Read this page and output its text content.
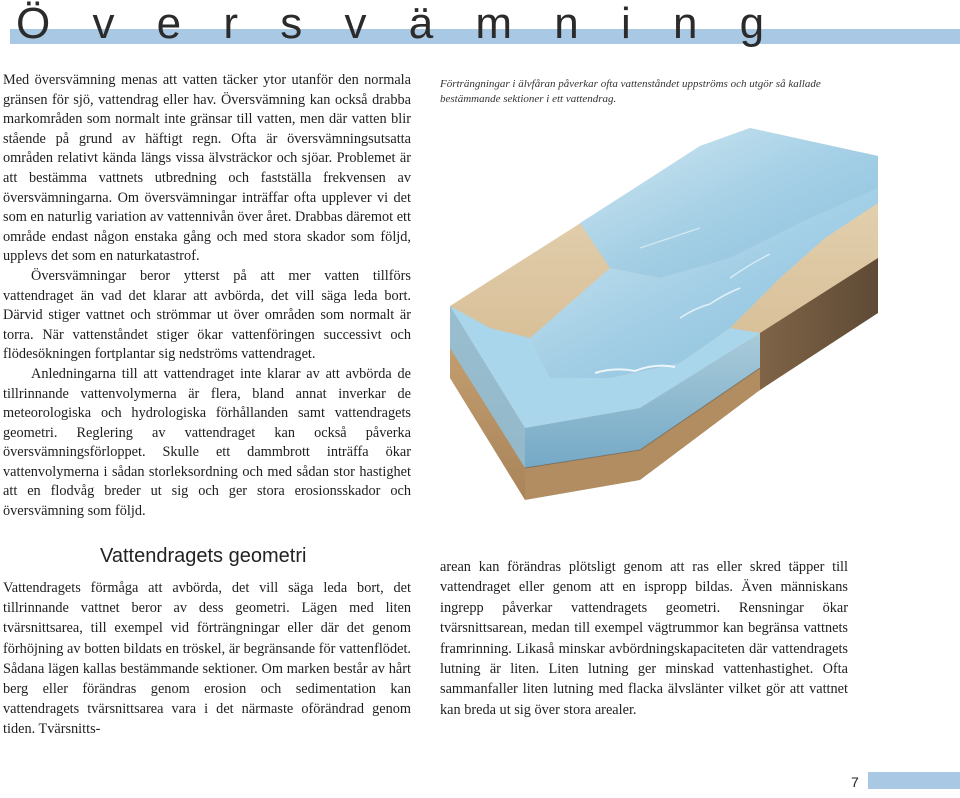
Ö v e r s v ä m n i n g

Med översvämning menas att vatten täcker ytor utanför den normala gränsen för sjö, vattendrag eller hav. Översvämning kan också drabba markområden som normalt inte gränsar till vatten, men där vatten blir stående på grund av häftigt regn. Ofta är översvämningsutsatta områden relativt kända längs vissa älvsträckor och sjöar. Problemet är att bestämma vattnets utbredning och fastställa frekvensen av översvämningarna. Om översvämningar inträffar ofta upplever vi det som en naturlig variation av vattennivån över året. Drabbas däremot ett område endast någon enstaka gång och med stora skador som följd, upplevs det som en naturkatastrof.

Översvämningar beror ytterst på att mer vatten tillförs vattendraget än vad det klarar att avbörda, det vill säga leda bort. Därvid stiger vattnet och strömmar ut över områden som normalt är torra. När vattenståndet stiger ökar vattenföringen successivt och flödesökningen fortplantar sig nedströms vattendraget.

Anledningarna till att vattendraget inte klarar av att avbörda de tillrinnande vattenvolymerna är flera, bland annat inverkar de meteorologiska och hydrologiska förhållanden samt vattendragets geometri. Reglering av vattendraget kan också påverka översvämningsförloppet. Skulle ett dammbrott inträffa ökar vattenvolymerna i sådan storleksordning och med sådan stor hastighet att en flodvåg breder ut sig och ger stora erosionsskador och översvämning som följd.

Förträngningar i älvfåran påverkar ofta vattenståndet uppströms och utgör så kallade bestämmande sektioner i ett vattendrag.

Vattendragets geometri

Vattendragets förmåga att avbörda, det vill säga leda bort, det tillrinnande vattnet beror av dess geometri. Lägen med liten tvärsnittsarea, till exempel vid förträngningar eller där det genom förhöjning av botten bildats en tröskel, är begränsande för vattenflödet. Sådana lägen kallas bestämmande sektioner. Om marken består av hårt berg eller förändras genom erosion och sedimentation kan vattendragets tvärsnittsarea vara i det närmaste oförändrad genom tiden. Tvärsnitts-

arean kan förändras plötsligt genom att ras eller skred täpper till vattendraget eller genom att en ispropp bildas. Även människans ingrepp påverkar vattendragets geometri. Rensningar ökar tvärsnittsarean, medan till exempel vägtrummor kan begränsa vattnets framrinning. Likaså minskar avbördningskapaciteten där vattendragets lutning är liten. Liten lutning ger minskad vattenhastighet. Ofta sammanfaller liten lutning med flacka älvslänter vilket gör att vattnet kan breda ut sig över stora arealer.

7
